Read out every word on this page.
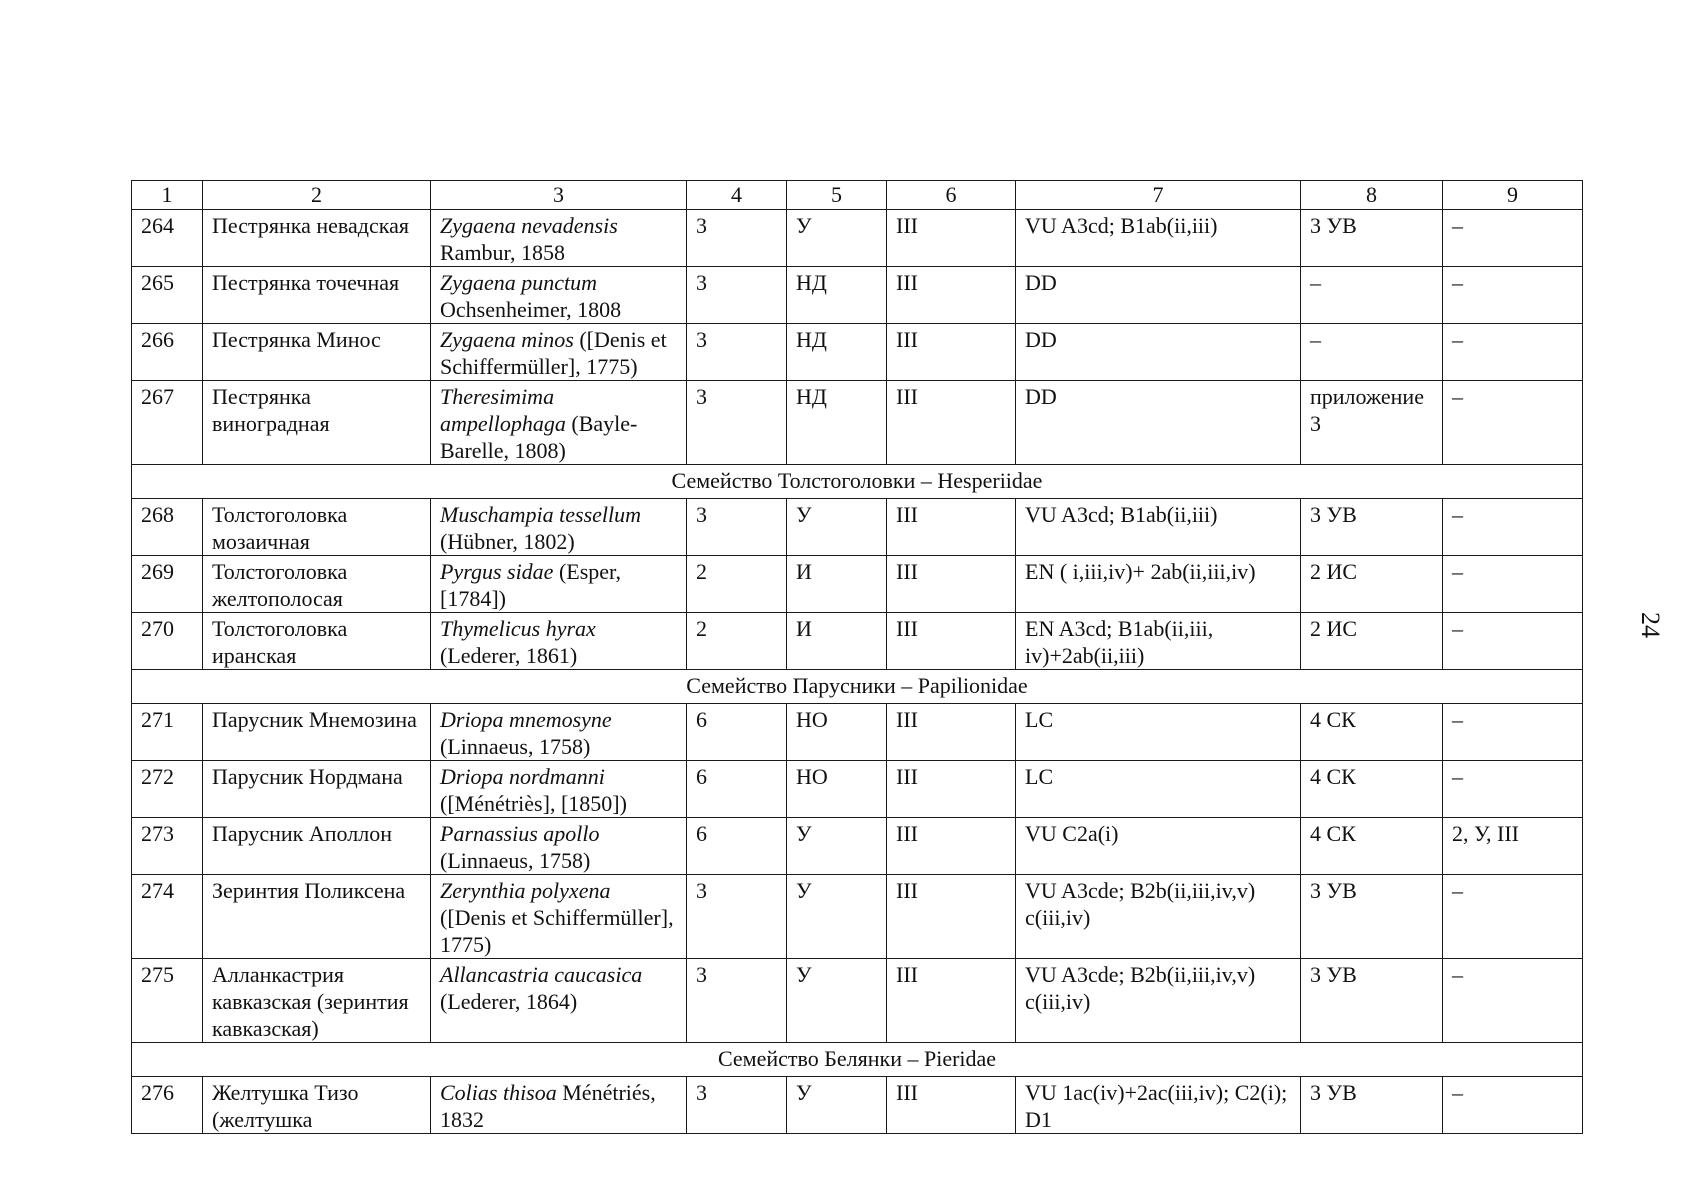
24
1	2	3	4	5	6	7	8	9
264	Пестрянка невадская	Zygaena nevadensis Rambur, 1858	3	У	III	VU A3cd; B1ab(ii,iii)	3 УВ	–
265	Пестрянка точечная	Zygaena punctum Ochsenheimer, 1808	3	НД	III	DD	–	–
266	Пестрянка Минос	Zygaena minos ([Denis et Schiffermüller], 1775)	3	НД	III	DD	–	–
267	Пестрянка виноградная	Theresimima ampellophaga (Bayle-Barelle, 1808)	3	НД	III	DD	приложение 3	–
Семейство Толстоголовки – Hesperiidae								
268	Толстоголовка мозаичная	Muschampia tessellum (Hübner, 1802)	3	У	III	VU A3cd; B1ab(ii,iii)	3 УВ	–
269	Толстоголовка желтополосая	Pyrgus sidae (Esper, [1784])	2	И	III	EN ( i,iii,iv)+ 2ab(ii,iii,iv)	2 ИС	–
270	Толстоголовка иранская	Thymelicus hyrax (Lederer, 1861)	2	И	III	EN A3cd; B1ab(ii,iii, iv)+2ab(ii,iii)	2 ИС	–
Семейство Парусники – Papilionidae								
271	Парусник Мнемозина	Driopa mnemosyne (Linnaeus, 1758)	6	НО	III	LC	4 СК	–
272	Парусник Нордмана	Driopa nordmanni ([Ménétriès], [1850])	6	НО	III	LC	4 СК	–
273	Парусник Аполлон	Parnassius apollo (Linnaeus, 1758)	6	У	III	VU C2a(i)	4 СК	2, У, III
274	Зеринтия Поликсена	Zerynthia polyxena ([Denis et Schiffermüller], 1775)	3	У	III	VU A3cde; B2b(ii,iii,iv,v) c(iii,iv)	3 УВ	–
275	Алланкастрия кавказская (зеринтия кавказская)	Allancastria caucasica (Lederer, 1864)	3	У	III	VU A3cde; B2b(ii,iii,iv,v) c(iii,iv)	3 УВ	–
Семейство Белянки – Pieridae								
276	Желтушка Тизо (желтушка	Colias thisoa Ménétriés, 1832	3	У	III	VU 1ac(iv)+2ac(iii,iv); C2(i); D1	3 УВ	–
